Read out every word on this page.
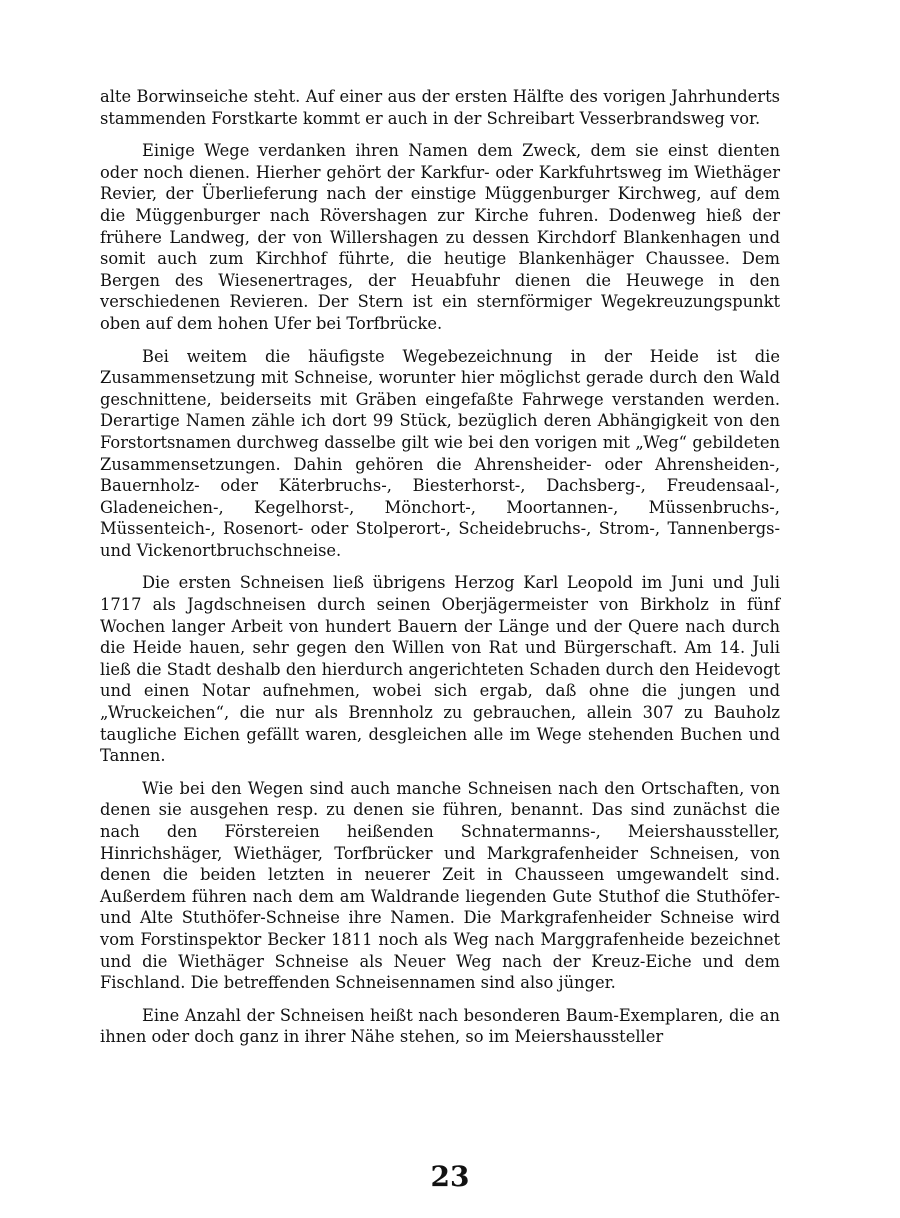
alte Borwinseiche steht. Auf einer aus der ersten Hälfte des vorigen Jahrhunderts stammenden Forstkarte kommt er auch in der Schreibart Vesserbrandsweg vor.

Einige Wege verdanken ihren Namen dem Zweck, dem sie einst dienten oder noch dienen. Hierher gehört der Karkfur- oder Karkfuhrtsweg im Wiethäger Revier, der Überlieferung nach der einstige Müggenburger Kirchweg, auf dem die Müggenburger nach Rövershagen zur Kirche fuhren. Dodenweg hieß der frühere Landweg, der von Willershagen zu dessen Kirchdorf Blankenhagen und somit auch zum Kirchhof führte, die heutige Blankenhäger Chaussee. Dem Bergen des Wiesenertrages, der Heuabfuhr dienen die Heuwege in den verschiedenen Revieren. Der Stern ist ein sternförmiger Wegekreuzungspunkt oben auf dem hohen Ufer bei Torfbrücke.

Bei weitem die häufigste Wegebezeichnung in der Heide ist die Zusammensetzung mit Schneise, worunter hier möglichst gerade durch den Wald geschnittene, beiderseits mit Gräben eingefaßte Fahrwege verstanden werden. Derartige Namen zähle ich dort 99 Stück, bezüglich deren Abhängigkeit von den Forstortsnamen durchweg dasselbe gilt wie bei den vorigen mit „Weg“ gebildeten Zusammensetzungen. Dahin gehören die Ahrensheider- oder Ahrensheiden-, Bauernholz- oder Käterbruchs-, Biesterhorst-, Dachsberg-, Freudensaal-, Gladeneichen-, Kegelhorst-, Mönchort-, Moortannen-, Müssenbruchs-, Müssenteich-, Rosenort- oder Stolperort-, Scheidebruchs-, Strom-, Tannenbergs- und Vickenortbruchschneise.

Die ersten Schneisen ließ übrigens Herzog Karl Leopold im Juni und Juli 1717 als Jagdschneisen durch seinen Oberjägermeister von Birkholz in fünf Wochen langer Arbeit von hundert Bauern der Länge und der Quere nach durch die Heide hauen, sehr gegen den Willen von Rat und Bürgerschaft. Am 14. Juli ließ die Stadt deshalb den hierdurch angerichteten Schaden durch den Heidevogt und einen Notar aufnehmen, wobei sich ergab, daß ohne die jungen und „Wruckeichen“, die nur als Brennholz zu gebrauchen, allein 307 zu Bauholz taugliche Eichen gefällt waren, desgleichen alle im Wege stehenden Buchen und Tannen.

Wie bei den Wegen sind auch manche Schneisen nach den Ortschaften, von denen sie ausgehen resp. zu denen sie führen, benannt. Das sind zunächst die nach den Förstereien heißenden Schnatermanns-, Meiershausstеller, Hinrichshäger, Wiethäger, Torfbrücker und Markgrafenheider Schneisen, von denen die beiden letzten in neuerer Zeit in Chausseen umgewandelt sind. Außerdem führen nach dem am Waldrande liegenden Gute Stuthof die Stuthöfer- und Alte Stuthöfer-Schneise ihre Namen. Die Markgrafenheider Schneise wird vom Forstinspektor Becker 1811 noch als Weg nach Marggrafenheide bezeichnet und die Wiethäger Schneise als Neuer Weg nach der Kreuz-Eiche und dem Fischland. Die betreffenden Schneisennamen sind also jünger.

Eine Anzahl der Schneisen heißt nach besonderen Baum-Exemplaren, die an ihnen oder doch ganz in ihrer Nähe stehen, so im Meiershausstеller

23
